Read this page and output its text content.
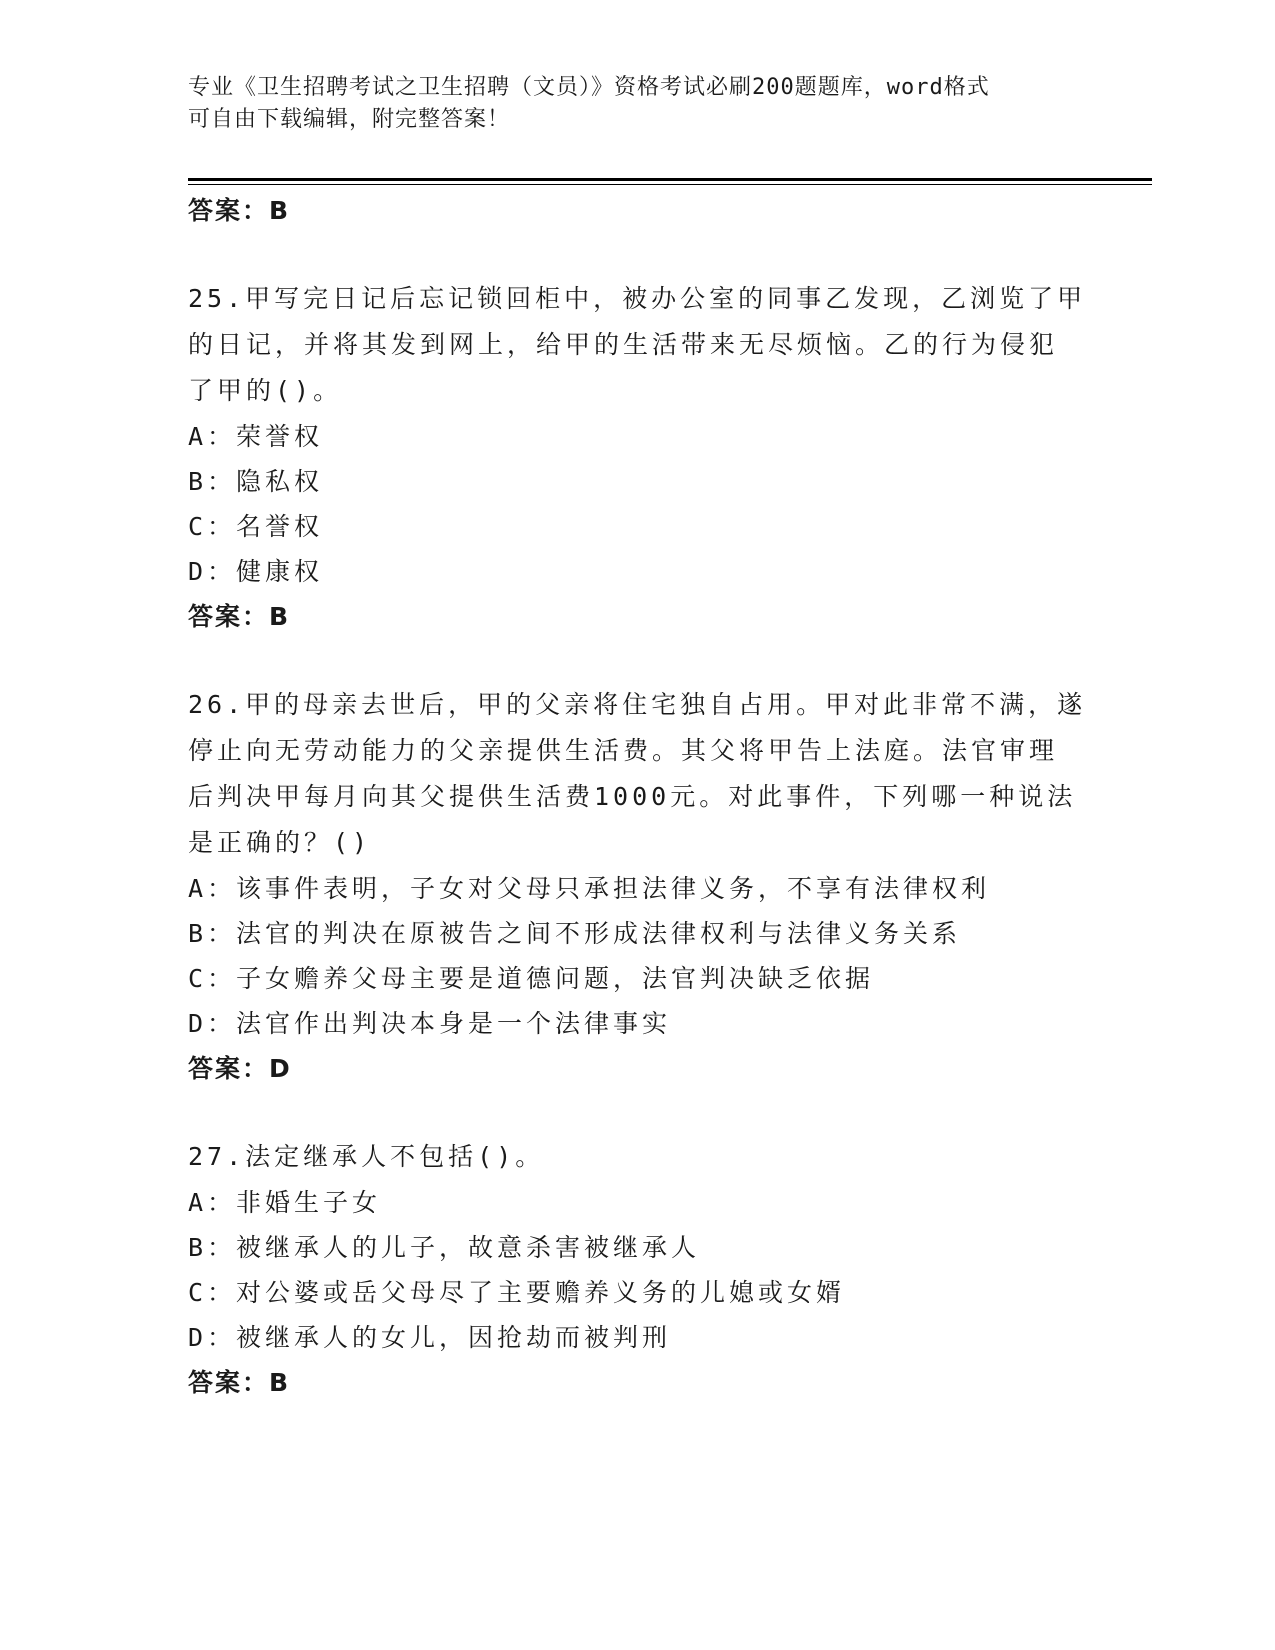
专业《卫生招聘考试之卫生招聘（文员）》资格考试必刷200题题库，word格式
可自由下载编辑，附完整答案！
答案：B
25.甲写完日记后忘记锁回柜中，被办公室的同事乙发现，乙浏览了甲
的日记，并将其发到网上，给甲的生活带来无尽烦恼。乙的行为侵犯
了甲的()。
A：荣誉权
B：隐私权
C：名誉权
D：健康权
答案：B
26.甲的母亲去世后，甲的父亲将住宅独自占用。甲对此非常不满，遂
停止向无劳动能力的父亲提供生活费。其父将甲告上法庭。法官审理
后判决甲每月向其父提供生活费1000元。对此事件，下列哪一种说法
是正确的？()
A：该事件表明，子女对父母只承担法律义务，不享有法律权利
B：法官的判决在原被告之间不形成法律权利与法律义务关系
C：子女赡养父母主要是道德问题，法官判决缺乏依据
D：法官作出判决本身是一个法律事实
答案：D
27.法定继承人不包括()。
A：非婚生子女
B：被继承人的儿子，故意杀害被继承人
C：对公婆或岳父母尽了主要赡养义务的儿媳或女婿
D：被继承人的女儿，因抢劫而被判刑
答案：B
